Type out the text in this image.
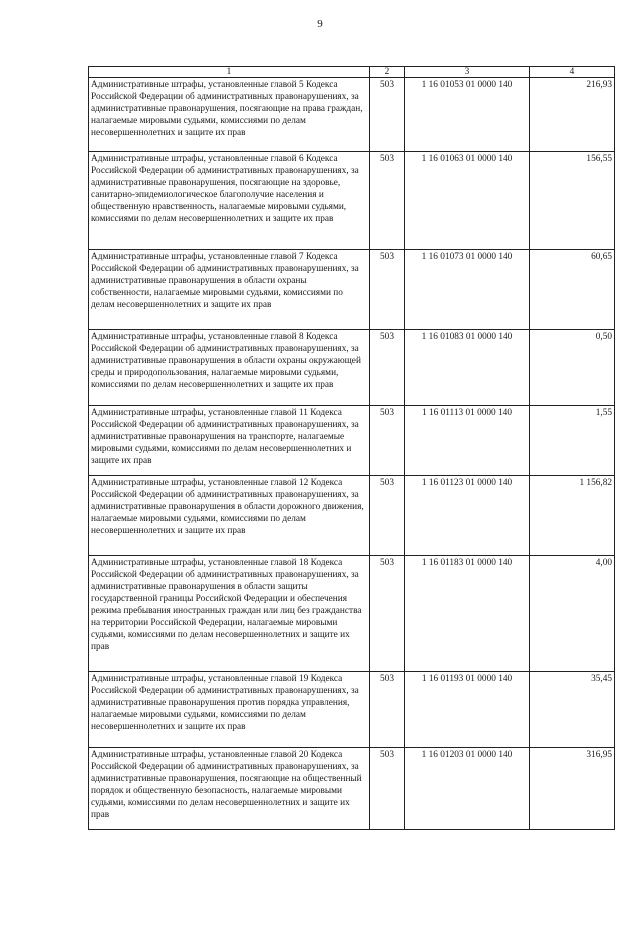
9
1	2	3	4
Административные штрафы, установленные главой 5 Кодекса Российской Федерации об административных правонарушениях, за административные правонарушения, посягающие на права граждан, налагаемые мировыми судьями, комиссиями по делам несовершеннолетних и защите их прав	503	1 16 01053 01 0000 140	216,93
Административные штрафы, установленные главой 6 Кодекса Российской Федерации об административных правонарушениях, за административные правонарушения, посягающие на здоровье, санитарно-эпидемиологическое благополучие населения и общественную нравственность, налагаемые мировыми судьями, комиссиями по делам несовершеннолетних и защите их прав	503	1 16 01063 01 0000 140	156,55
Административные штрафы, установленные главой 7 Кодекса Российской Федерации об административных правонарушениях, за административные правонарушения в области охраны собственности, налагаемые мировыми судьями, комиссиями по делам несовершеннолетних и защите их прав	503	1 16 01073 01 0000 140	60,65
Административные штрафы, установленные главой 8 Кодекса Российской Федерации об административных правонарушениях, за административные правонарушения в области охраны окружающей среды и природопользования, налагаемые мировыми судьями, комиссиями по делам несовершеннолетних и защите их прав	503	1 16 01083 01 0000 140	0,50
Административные штрафы, установленные главой 11 Кодекса Российской Федерации об административных правонарушениях, за административные правонарушения на транспорте, налагаемые мировыми судьями, комиссиями по делам несовершеннолетних и защите их прав	503	1 16 01113 01 0000 140	1,55
Административные штрафы, установленные главой 12 Кодекса Российской Федерации об административных правонарушениях, за административные правонарушения в области дорожного движения, налагаемые мировыми судьями, комиссиями по делам несовершеннолетних и защите их прав	503	1 16 01123 01 0000 140	1 156,82
Административные штрафы, установленные главой 18 Кодекса Российской Федерации об административных правонарушениях, за административные правонарушения в области защиты государственной границы Российской Федерации и обеспечения режима пребывания иностранных граждан или лиц без гражданства на территории Российской Федерации, налагаемые мировыми судьями, комиссиями по делам несовершеннолетних и защите их прав	503	1 16 01183 01 0000 140	4,00
Административные штрафы, установленные главой 19 Кодекса Российской Федерации об административных правонарушениях, за административные правонарушения против порядка управления, налагаемые мировыми судьями, комиссиями по делам несовершеннолетних и защите их прав	503	1 16 01193 01 0000 140	35,45
Административные штрафы, установленные главой 20 Кодекса Российской Федерации об административных правонарушениях, за административные правонарушения, посягающие на общественный порядок и общественную безопасность, налагаемые мировыми судьями, комиссиями по делам несовершеннолетних и защите их прав	503	1 16 01203 01 0000 140	316,95
